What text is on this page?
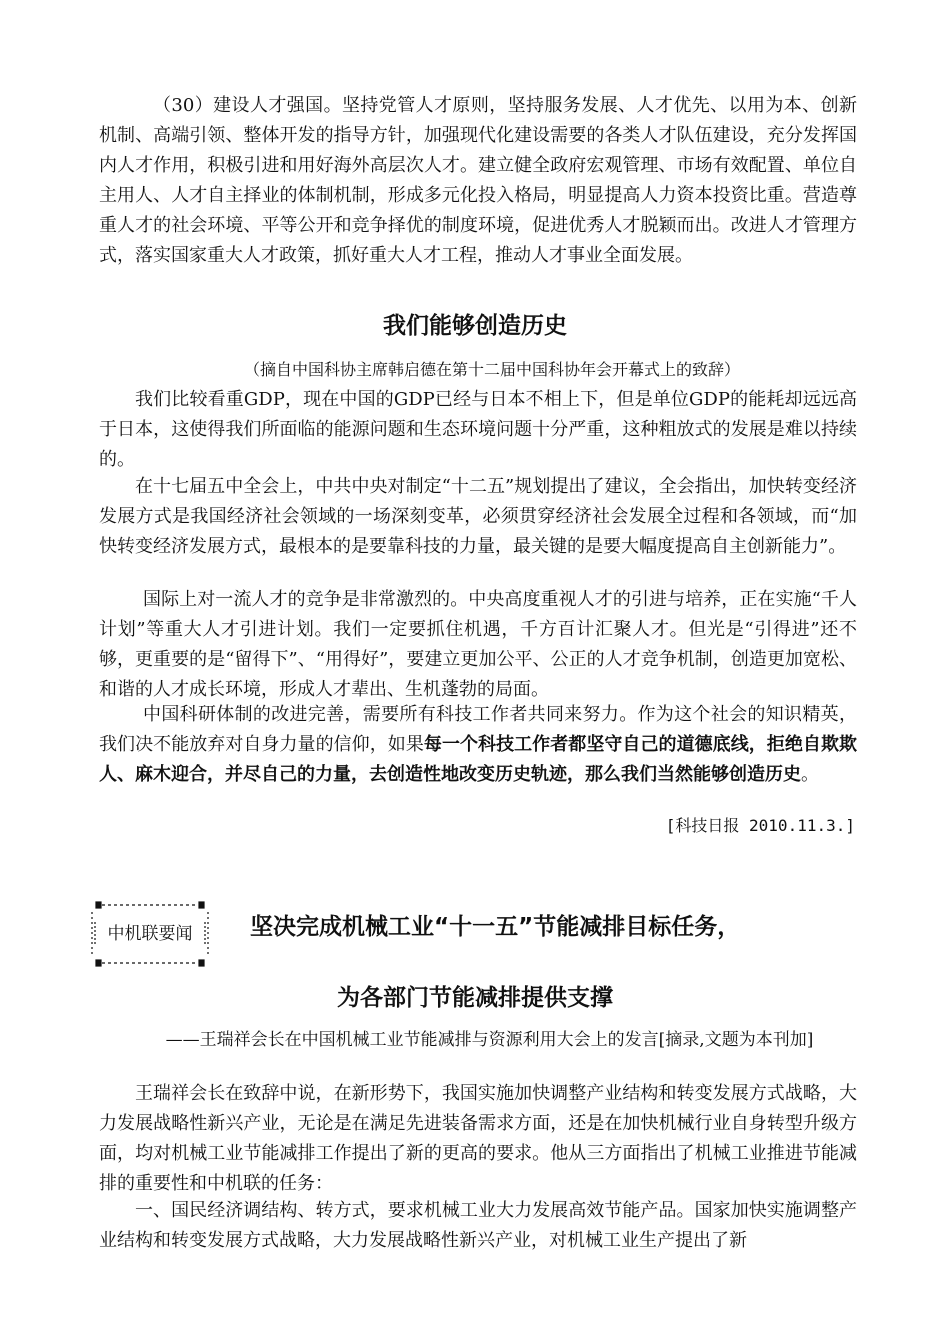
（30）建设人才强国。坚持党管人才原则，坚持服务发展、人才优先、以用为本、创新机制、高端引领、整体开发的指导方针，加强现代化建设需要的各类人才队伍建设，充分发挥国内人才作用，积极引进和用好海外高层次人才。建立健全政府宏观管理、市场有效配置、单位自主用人、人才自主择业的体制机制，形成多元化投入格局，明显提高人力资本投资比重。营造尊重人才的社会环境、平等公开和竞争择优的制度环境，促进优秀人才脱颖而出。改进人才管理方式，落实国家重大人才政策，抓好重大人才工程，推动人才事业全面发展。

我们能够创造历史

（摘自中国科协主席韩启德在第十二届中国科协年会开幕式上的致辞）

我们比较看重GDP，现在中国的GDP已经与日本不相上下，但是单位GDP的能耗却远远高于日本，这使得我们所面临的能源问题和生态环境问题十分严重，这种粗放式的发展是难以持续的。

在十七届五中全会上，中共中央对制定“十二五”规划提出了建议，全会指出，加快转变经济发展方式是我国经济社会领域的一场深刻变革，必须贯穿经济社会发展全过程和各领域，而“加快转变经济发展方式，最根本的是要靠科技的力量，最关键的是要大幅度提高自主创新能力”。

国际上对一流人才的竞争是非常激烈的。中央高度重视人才的引进与培养，正在实施“千人计划”等重大人才引进计划。我们一定要抓住机遇，千方百计汇聚人才。但光是“引得进”还不够，更重要的是“留得下”、“用得好”，要建立更加公平、公正的人才竞争机制，创造更加宽松、和谐的人才成长环境，形成人才辈出、生机蓬勃的局面。

中国科研体制的改进完善，需要所有科技工作者共同来努力。作为这个社会的知识精英，我们决不能放弃对自身力量的信仰，如果每一个科技工作者都坚守自己的道德底线，拒绝自欺欺人、麻木迎合，并尽自己的力量，去创造性地改变历史轨迹，那么我们当然能够创造历史。

[科技日报 2010.11.3.]

中机联要闻	坚决完成机械工业“十一五”节能减排目标任务，
为各部门节能减排提供支撑

——王瑞祥会长在中国机械工业节能减排与资源利用大会上的发言[摘录,文题为本刊加]

王瑞祥会长在致辞中说，在新形势下，我国实施加快调整产业结构和转变发展方式战略，大力发展战略性新兴产业，无论是在满足先进装备需求方面，还是在加快机械行业自身转型升级方面，均对机械工业节能减排工作提出了新的更高的要求。他从三方面指出了机械工业推进节能减排的重要性和中机联的任务：

一、国民经济调结构、转方式，要求机械工业大力发展高效节能产品。国家加快实施调整产业结构和转变发展方式战略，大力发展战略性新兴产业，对机械工业生产提出了新
